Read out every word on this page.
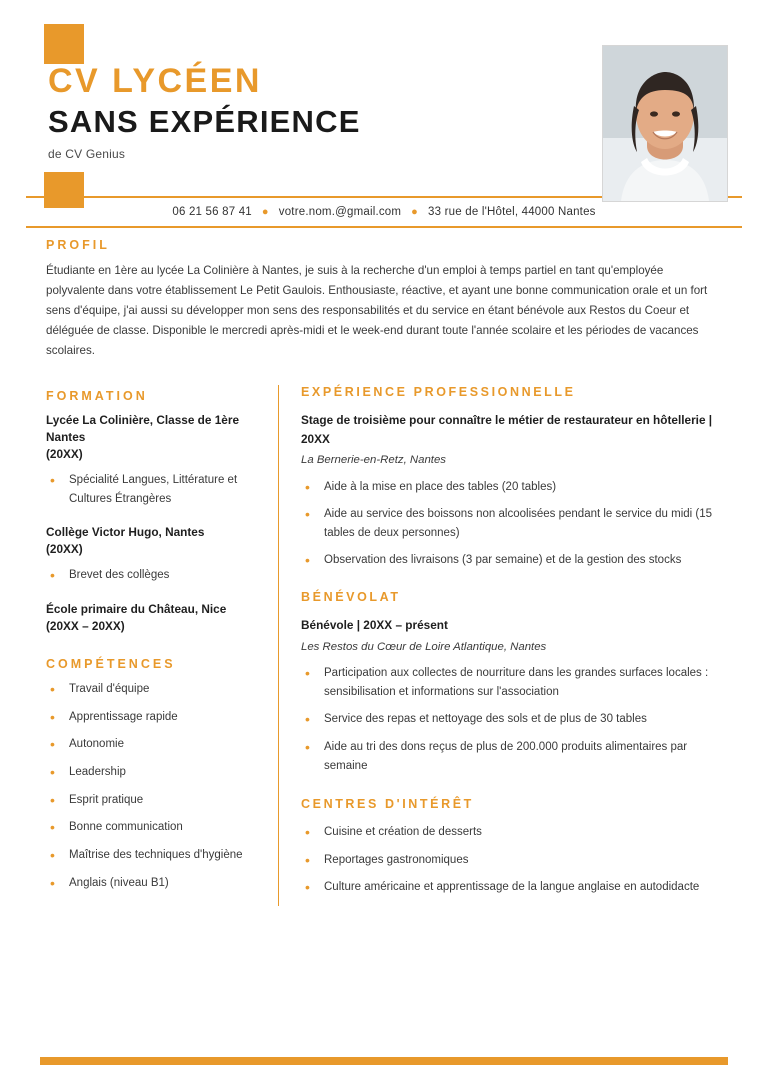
CV LYCÉEN
SANS EXPÉRIENCE
de CV Genius
06 21 56 87 41 ● votre.nom.@gmail.com ● 33 rue de l'Hôtel, 44000 Nantes
PROFIL

Étudiante en 1ère au lycée La Colinière à Nantes, je suis à la recherche d'un emploi à temps partiel en tant qu'employée polyvalente dans votre établissement Le Petit Gaulois. Enthousiaste, réactive, et ayant une bonne communication orale et un fort sens d'équipe, j'ai aussi su développer mon sens des responsabilités et du service en étant bénévole aux Restos du Coeur et déléguée de classe. Disponible le mercredi après-midi et le week-end durant toute l'année scolaire et les périodes de vacances scolaires.

FORMATION
Lycée La Colinière, Classe de 1ère
Nantes
(20XX)
• Spécialité Langues, Littérature et Cultures Étrangères
Collège Victor Hugo, Nantes
(20XX)
• Brevet des collèges
École primaire du Château, Nice
(20XX – 20XX)
COMPÉTENCES
• Travail d'équipe
• Apprentissage rapide
• Autonomie
• Leadership
• Esprit pratique
• Bonne communication
• Maîtrise des techniques d'hygiène
• Anglais (niveau B1)
EXPÉRIENCE PROFESSIONNELLE
Stage de troisième pour connaître le métier de restaurateur en hôtellerie | 20XX
La Bernerie-en-Retz, Nantes
• Aide à la mise en place des tables (20 tables)
• Aide au service des boissons non alcoolisées pendant le service du midi (15 tables de deux personnes)
• Observation des livraisons (3 par semaine) et de la gestion des stocks
BÉNÉVOLAT
Bénévole | 20XX – présent
Les Restos du Cœur de Loire Atlantique, Nantes
• Participation aux collectes de nourriture dans les grandes surfaces locales : sensibilisation et informations sur l'association
• Service des repas et nettoyage des sols et de plus de 30 tables
• Aide au tri des dons reçus de plus de 200.000 produits alimentaires par semaine
CENTRES D'INTÉRÊT
• Cuisine et création de desserts
• Reportages gastronomiques
• Culture américaine et apprentissage de la langue anglaise en autodidacte
